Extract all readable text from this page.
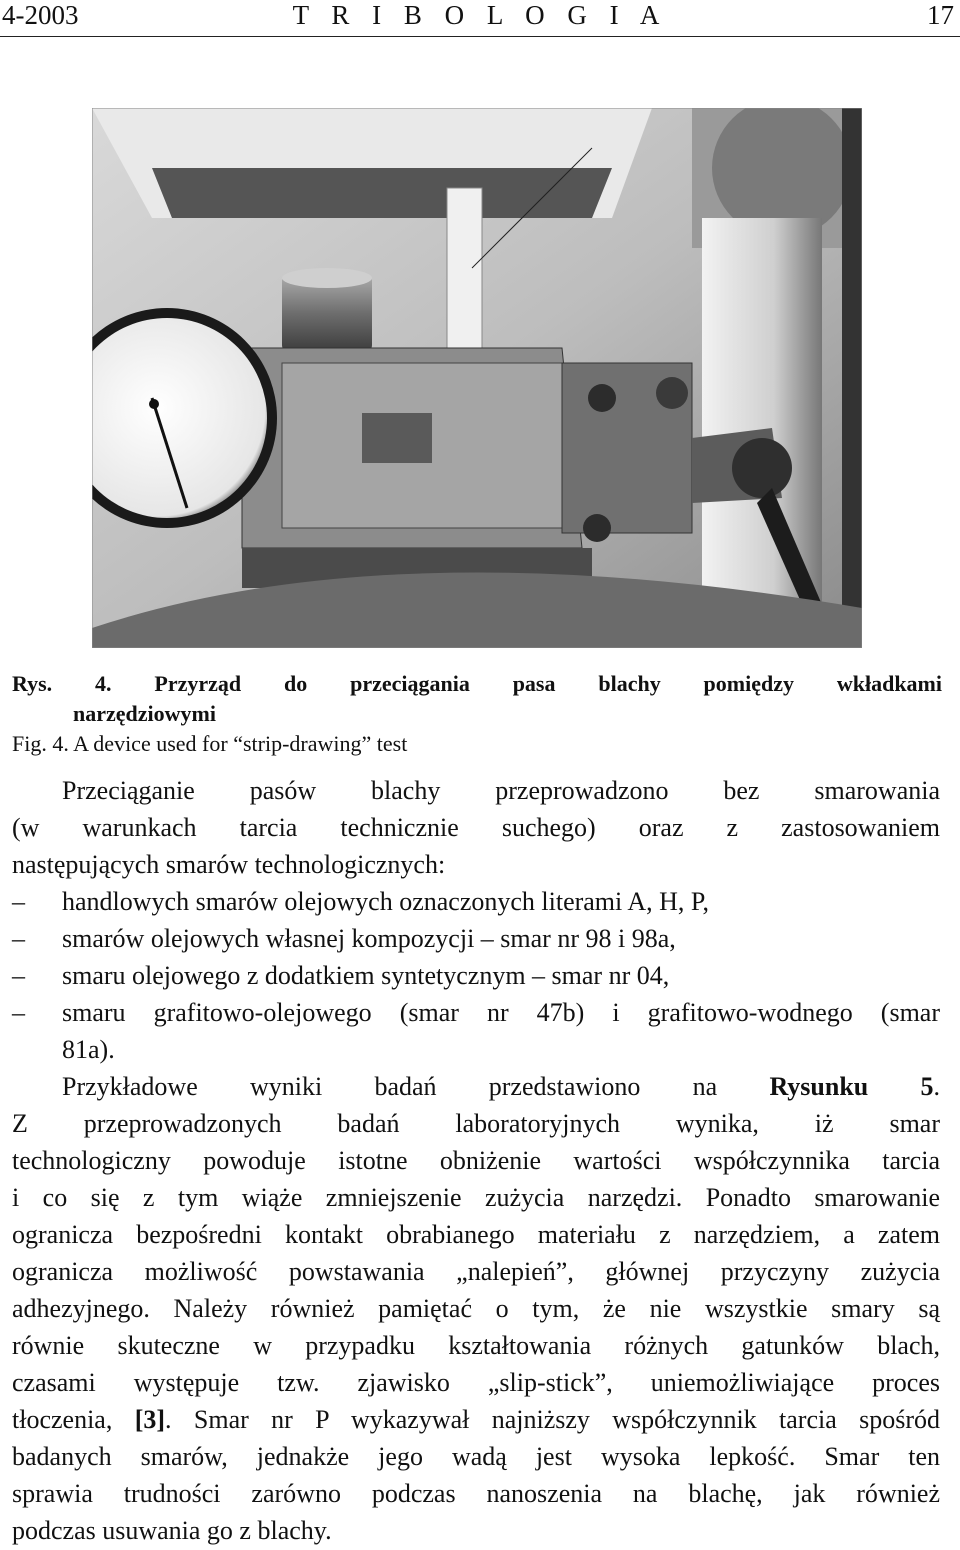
4-2003	T R I B O L O G I A	17
Rys. 4. Przyrząd do przeciągania pasa blachy pomiędzy wkładkami
narzędziowymi
Fig. 4. A device used for “strip-drawing” test
Przeciąganie pasów blachy przeprowadzono bez smarowania
(w warunkach tarcia technicznie suchego) oraz z zastosowaniem
następujących smarów technologicznych:
– handlowych smarów olejowych oznaczonych literami A, H, P,
– smarów olejowych własnej kompozycji – smar nr 98 i 98a,
– smaru olejowego z dodatkiem syntetycznym – smar nr 04,
– smaru grafitowo-olejowego (smar nr 47b) i grafitowo-wodnego (smar
81a).
Przykładowe wyniki badań przedstawiono na Rysunku 5.
Z przeprowadzonych badań laboratoryjnych wynika, iż smar
technologiczny powoduje istotne obniżenie wartości współczynnika tarcia
i co się z tym wiąże zmniejszenie zużycia narzędzi. Ponadto smarowanie
ogranicza bezpośredni kontakt obrabianego materiału z narzędziem, a zatem
ogranicza możliwość powstawania „nalepień”, głównej przyczyny zużycia
adhezyjnego. Należy również pamiętać o tym, że nie wszystkie smary są
równie skuteczne w przypadku kształtowania różnych gatunków blach,
czasami występuje tzw. zjawisko „slip-stick”, uniemożliwiające proces
tłoczenia, [3]. Smar nr P wykazywał najniższy współczynnik tarcia spośród
badanych smarów, jednakże jego wadą jest wysoka lepkość. Smar ten
sprawia trudności zarówno podczas nanoszenia na blachę, jak również
podczas usuwania go z blachy.
